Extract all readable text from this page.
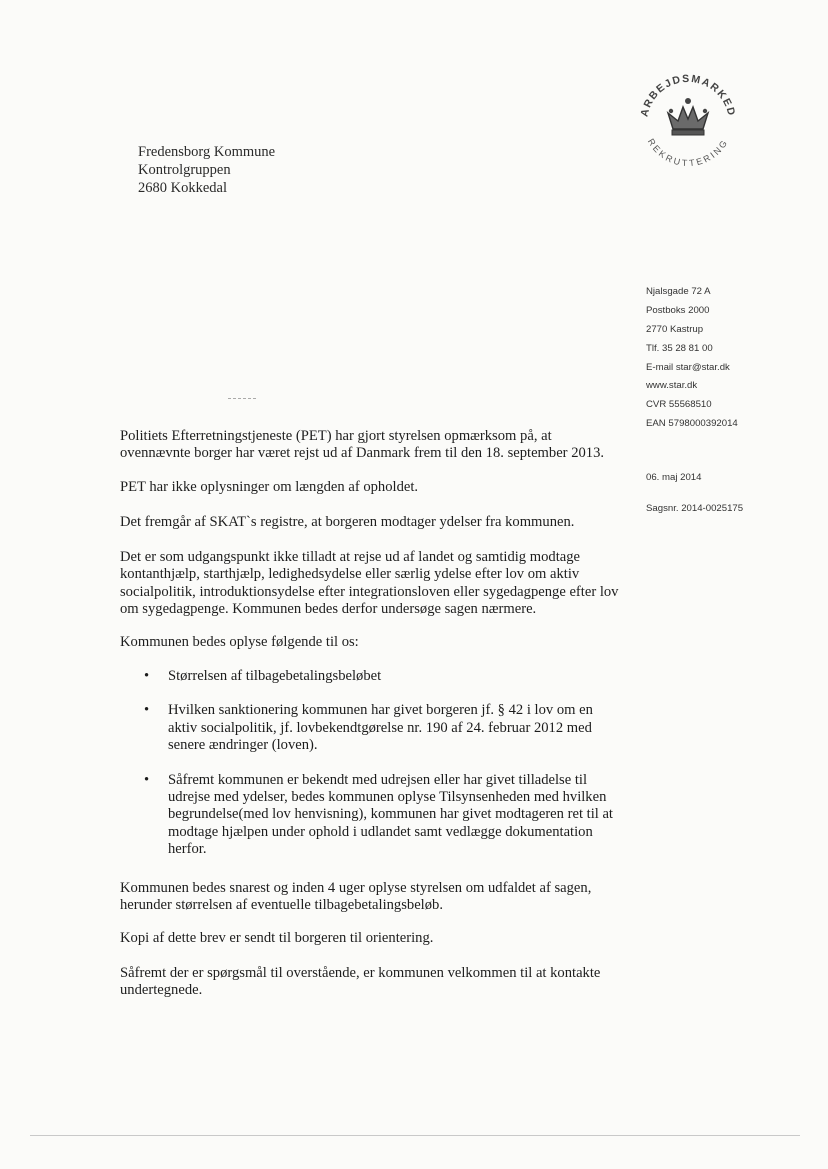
ARBEJDSMARKED
REKRUTTERING
Fredensborg Kommune
Kontrolgruppen
2680 Kokkedal
Njalsgade 72 A
Postboks 2000
2770 Kastrup
Tlf. 35 28 81 00
E-mail star@star.dk
www.star.dk
CVR 55568510
EAN 5798000392014
06. maj 2014
Sagsnr. 2014-0025175

Politiets Efterretningstjeneste (PET) har gjort styrelsen opmærksom på, at ovennævnte borger har været rejst ud af Danmark frem til den 18. september 2013.

PET har ikke oplysninger om længden af opholdet.

Det fremgår af SKAT`s registre, at borgeren modtager ydelser fra kommunen.

Det er som udgangspunkt ikke tilladt at rejse ud af landet og samtidig modtage kontanthjælp, starthjælp, ledighedsydelse eller særlig ydelse efter lov om aktiv socialpolitik, introduktionsydelse efter integrationsloven eller sygedagpenge efter lov om sygedagpenge. Kommunen bedes derfor undersøge sagen nærmere.

Kommunen bedes oplyse følgende til os:

• Størrelsen af tilbagebetalingsbeløbet
• Hvilken sanktionering kommunen har givet borgeren jf. § 42 i lov om en aktiv socialpolitik, jf. lovbekendtgørelse nr. 190 af 24. februar 2012 med senere ændringer (loven).
• Såfremt kommunen er bekendt med udrejsen eller har givet tilladelse til udrejse med ydelser, bedes kommunen oplyse Tilsynsenheden med hvilken begrundelse(med lov henvisning), kommunen har givet modtageren ret til at modtage hjælpen under ophold i udlandet samt vedlægge dokumentation herfor.

Kommunen bedes snarest og inden 4 uger oplyse styrelsen om udfaldet af sagen, herunder størrelsen af eventuelle tilbagebetalingsbeløb.

Kopi af dette brev er sendt til borgeren til orientering.

Såfremt der er spørgsmål til overstående, er kommunen velkommen til at kontakte undertegnede.
